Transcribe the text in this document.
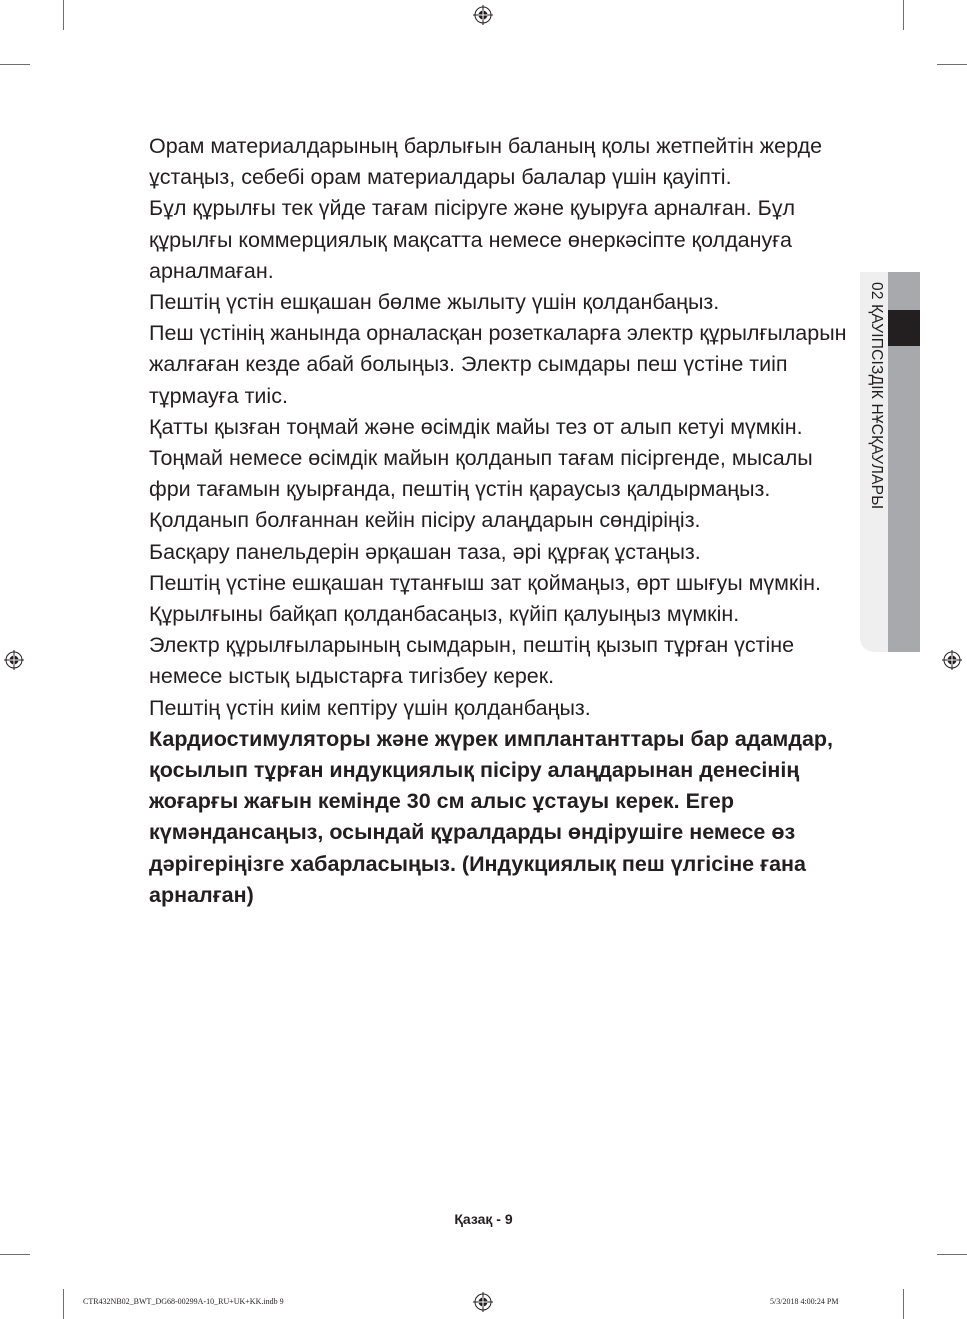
Орам материалдарының барлығын баланың қолы жетпейтін жерде ұстаңыз, себебі орам материалдары балалар үшін қауіпті.

Бұл құрылғы тек үйде тағам пісіруге және қуыруға арналған. Бұл құрылғы коммерциялық мақсатта немесе өнеркәсіпте қолдануға арналмаған.

Пештің үстін ешқашан бөлме жылыту үшін қолданбаңыз.

Пеш үстінің жанында орналасқан розеткаларға электр құрылғыларын жалғаған кезде абай болыңыз. Электр сымдары пеш үстіне тиіп тұрмауға тиіс.

Қатты қызған тоңмай және өсімдік майы тез от алып кетуі мүмкін. Тоңмай немесе өсімдік майын қолданып тағам пісіргенде, мысалы фри тағамын қуырғанда, пештің үстін қараусыз қалдырмаңыз.

Қолданып болғаннан кейін пісіру алаңдарын сөндіріңіз.

Басқару панельдерін әрқашан таза, әрі құрғақ ұстаңыз.

Пештің үстіне ешқашан тұтанғыш зат қоймаңыз, өрт шығуы мүмкін.

Құрылғыны байқап қолданбасаңыз, күйіп қалуыңыз мүмкін.

Электр құрылғыларының сымдарын, пештің қызып тұрған үстіне немесе ыстық ыдыстарға тигізбеу керек.

Пештің үстін киім кептіру үшін қолданбаңыз.

Кардиостимуляторы және жүрек имплантанттары бар адамдар, қосылып тұрған индукциялық пісіру алаңдарынан денесінің жоғарғы жағын кемінде 30 см алыс ұстауы керек. Егер күмәндансаңыз, осындай құралдарды өндірушіге немесе өз дәрігеріңізге хабарласыңыз. (Индукциялық пеш үлгісіне ғана арналған)

02 ҚАУІПСІЗДІК НҰСҚАУЛАРЫ
Қазақ - 9
CTR432NB02_BWT_DG68-00299A-10_RU+UK+KK.indb 9	5/3/2018 4:00:24 PM
